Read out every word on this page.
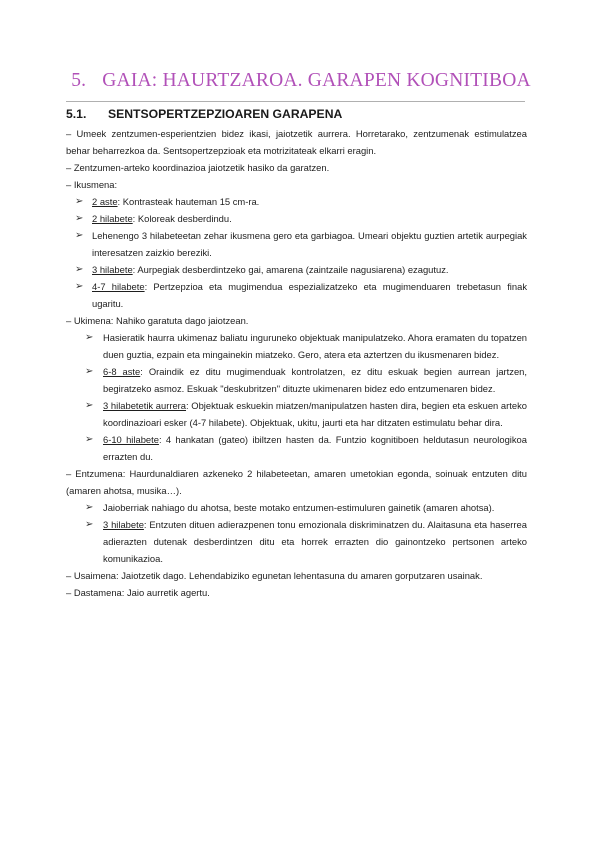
5. GAIA: HAURTZAROA. GARAPEN KOGNITIBOA
5.1. SENTSOPERTZEPZIOAREN GARAPENA

– Umeek zentzumen-esperientzien bidez ikasi, jaiotzetik aurrera. Horretarako, zentzumenak estimulatzea behar beharrezkoa da. Sentsopertzepzioak eta motrizitateak elkarri eragin.

– Zentzumen-arteko koordinazioa jaiotzetik hasiko da garatzen.

– Ikusmena:

➢ 2 aste: Kontrasteak hauteman 15 cm-ra.

➢ 2 hilabete: Koloreak desberdindu.

➢ Lehenengo 3 hilabeteetan zehar ikusmena gero eta garbiagoa. Umeari objektu guztien artetik aurpegiak interesatzen zaizkio bereziki.

➢ 3 hilabete: Aurpegiak desberdintzeko gai, amarena (zaintzaile nagusiarena) ezagutuz.

➢ 4-7 hilabete: Pertzepzioa eta mugimendua espezializatzeko eta mugimenduaren trebetasun finak ugaritu.

– Ukimena: Nahiko garatuta dago jaiotzean.

➢ Hasieratik haurra ukimenaz baliatu inguruneko objektuak manipulatzeko. Ahora eramaten du topatzen duen guztia, ezpain eta mingainekin miatzeko. Gero, atera eta aztertzen du ikusmenaren bidez.

➢ 6-8 aste: Oraindik ez ditu mugimenduak kontrolatzen, ez ditu eskuak begien aurrean jartzen, begiratzeko asmoz. Eskuak "deskubritzen" dituzte ukimenaren bidez edo entzumenaren bidez.

➢ 3 hilabetetik aurrera: Objektuak eskuekin miatzen/manipulatzen hasten dira, begien eta eskuen arteko koordinazioari esker (4-7 hilabete). Objektuak, ukitu, jaurti eta har ditzaten estimulatu behar dira.

➢ 6-10 hilabete: 4 hankatan (gateo) ibiltzen hasten da. Funtzio kognitiboen heldutasun neurologikoa errazten du.

– Entzumena: Haurdunaldiaren azkeneko 2 hilabeteetan, amaren umetokian egonda, soinuak entzuten ditu (amaren ahotsa, musika…).

➢ Jaioberriak nahiago du ahotsa, beste motako entzumen-estimuluren gainetik (amaren ahotsa).

➢ 3 hilabete: Entzuten dituen adierazpenen tonu emozionala diskriminatzen du. Alaitasuna eta haserrea adierazten dutenak desberdintzen ditu eta horrek errazten dio gainontzeko pertsonen arteko komunikazioa.

– Usaimena: Jaiotzetik dago. Lehendabiziko egunetan lehentasuna du amaren gorputzaren usainak.

– Dastamena: Jaio aurretik agertu.
